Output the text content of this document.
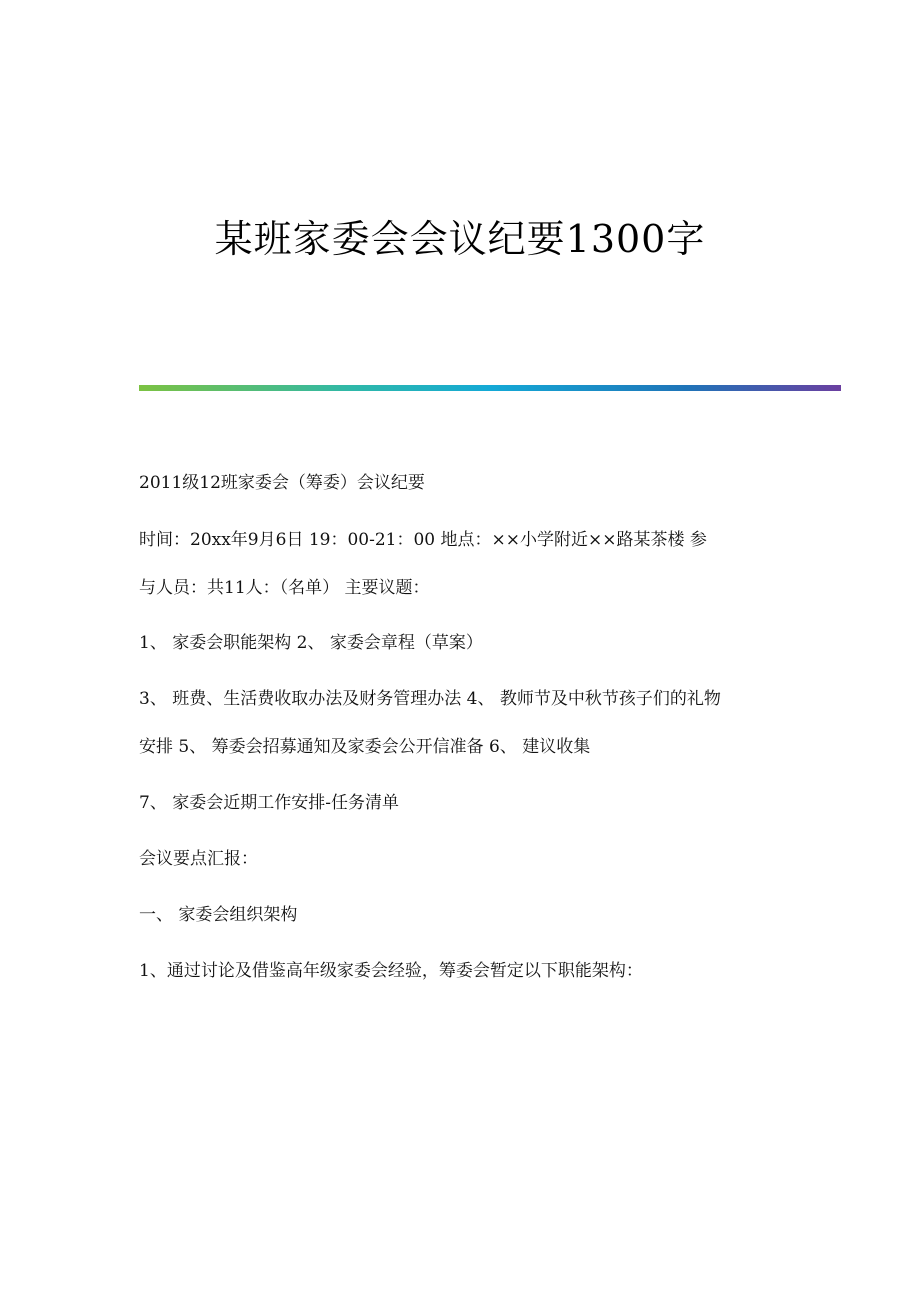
某班家委会会议纪要1300字

2011级12班家委会（筹委）会议纪要

时间：20xx年9月6日 19：00-21：00 地点：××小学附近××路某茶楼 参

与人员：共11人：（名单） 主要议题：

1、 家委会职能架构 2、 家委会章程（草案）

3、 班费、生活费收取办法及财务管理办法 4、 教师节及中秋节孩子们的礼物

安排 5、 筹委会招募通知及家委会公开信准备 6、 建议收集

7、 家委会近期工作安排-任务清单

会议要点汇报：

一、 家委会组织架构

1、通过讨论及借鉴高年级家委会经验，筹委会暂定以下职能架构：
